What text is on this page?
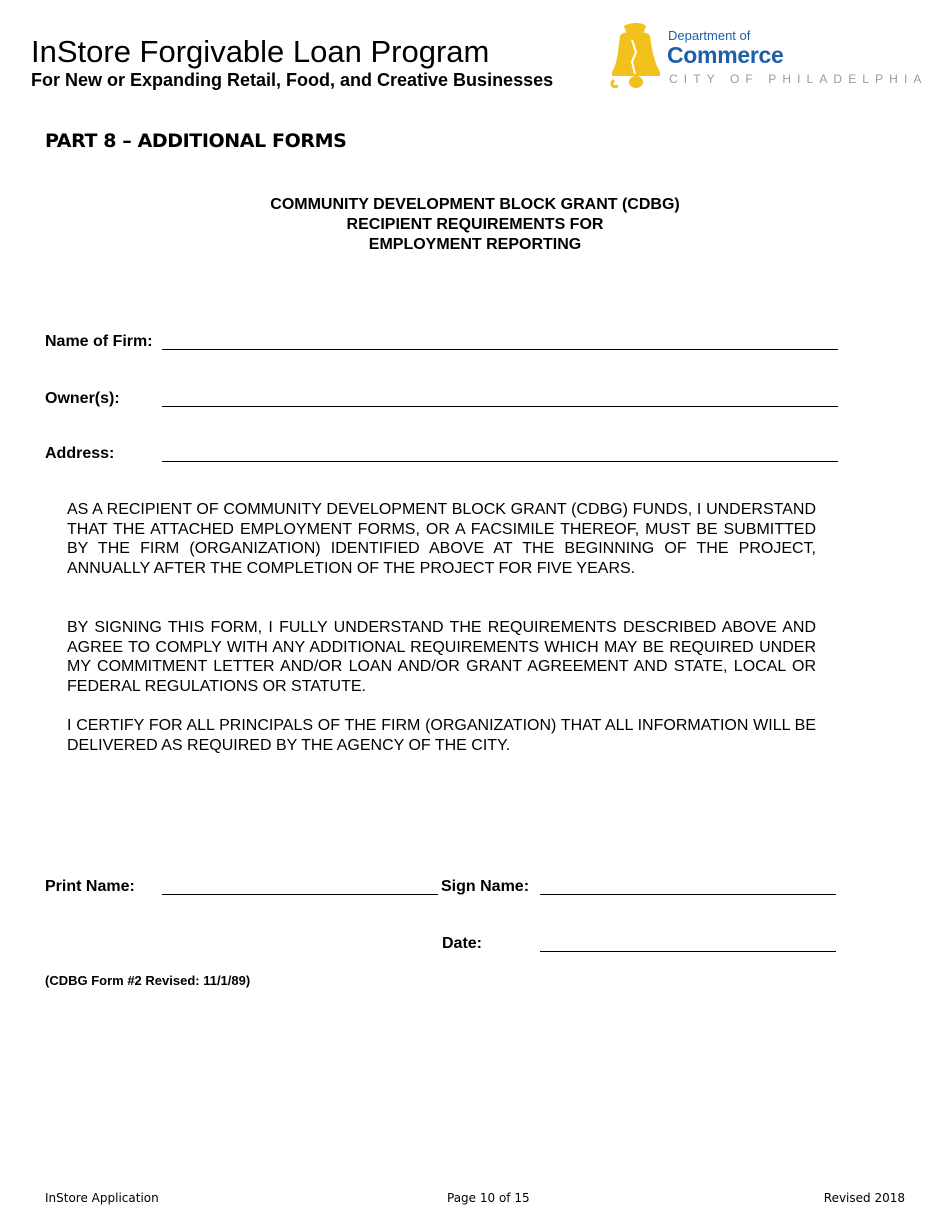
InStore Forgivable Loan Program
For New or Expanding Retail, Food, and Creative Businesses
Department of
Commerce
CITY OF PHILADELPHIA
PART 8 – ADDITIONAL FORMS
COMMUNITY DEVELOPMENT BLOCK GRANT (CDBG)
RECIPIENT REQUIREMENTS FOR
EMPLOYMENT REPORTING
Name of Firm:
Owner(s):
Address:
AS A RECIPIENT OF COMMUNITY DEVELOPMENT BLOCK GRANT (CDBG) FUNDS, I UNDERSTAND THAT THE ATTACHED EMPLOYMENT FORMS, OR A FACSIMILE THEREOF, MUST BE SUBMITTED BY THE FIRM (ORGANIZATION) IDENTIFIED ABOVE AT THE BEGINNING OF THE PROJECT, ANNUALLY AFTER THE COMPLETION OF THE PROJECT FOR FIVE YEARS.
BY SIGNING THIS FORM, I FULLY UNDERSTAND THE REQUIREMENTS DESCRIBED ABOVE AND AGREE TO COMPLY WITH ANY ADDITIONAL REQUIREMENTS WHICH MAY BE REQUIRED UNDER MY COMMITMENT LETTER AND/OR LOAN AND/OR GRANT AGREEMENT AND STATE, LOCAL OR FEDERAL REGULATIONS OR STATUTE.
I CERTIFY FOR ALL PRINCIPALS OF THE FIRM (ORGANIZATION) THAT ALL INFORMATION WILL BE DELIVERED AS REQUIRED BY THE AGENCY OF THE CITY.
Print Name:	Sign Name:
Date:
(CDBG Form #2 Revised: 11/1/89)
InStore Application	Page 10 of 15	Revised 2018
